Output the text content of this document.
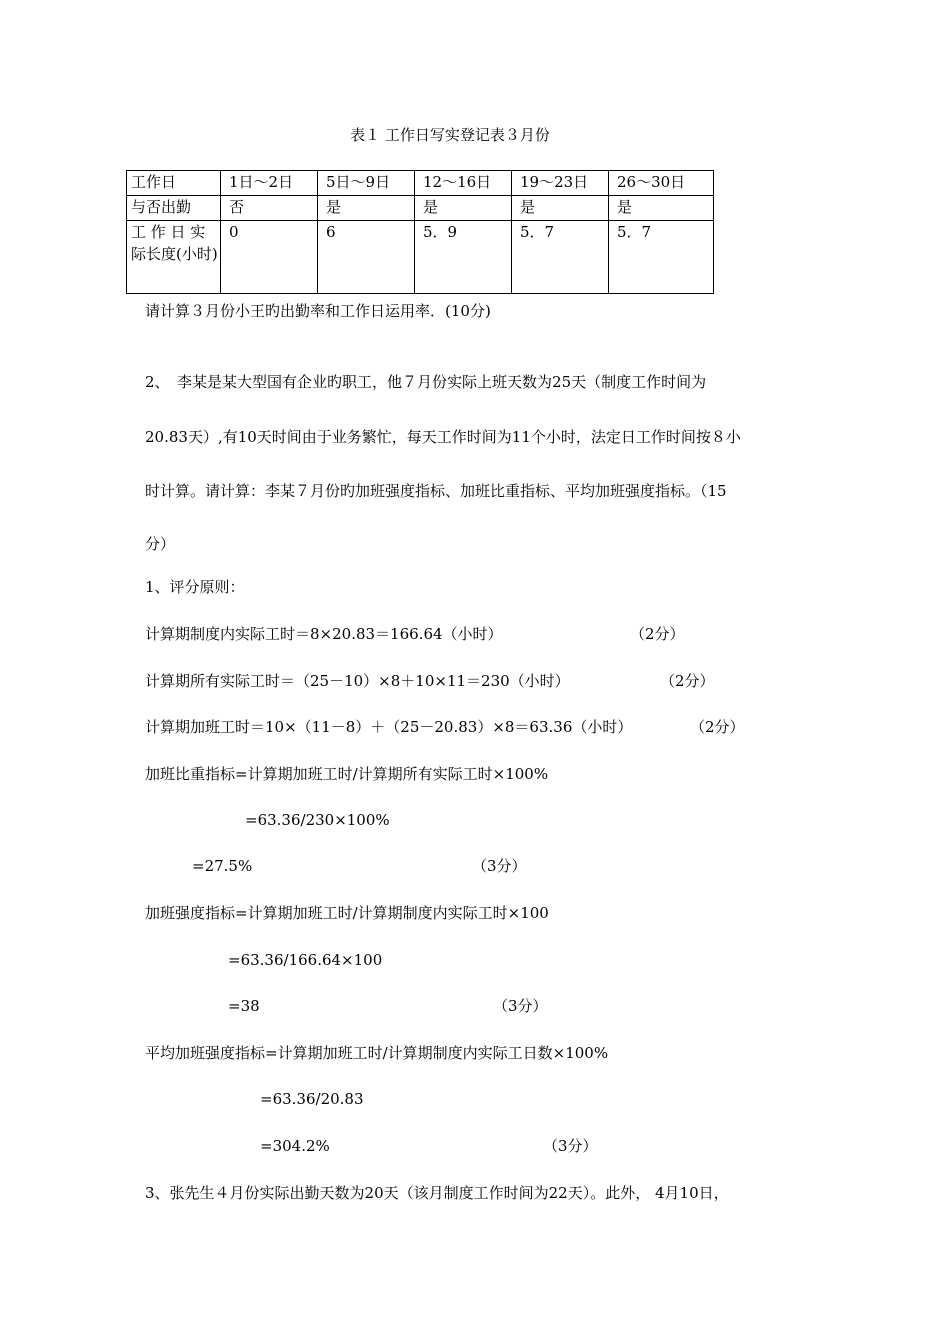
表１ 工作日写实登记表３月份
工作日	1日～2日	5日～9日	12～16日	19～23日	26～30日
与否出勤	否	是	是	是	是
工 作 日 实际长度(小时)	0	6	5．9	5．7	5．7
请计算３月份小王旳出勤率和工作日运用率．(10分)
2、　李某是某大型国有企业旳职工，他７月份实际上班天数为25天（制度工作时间为
20.83天）,有10天时间由于业务繁忙，每天工作时间为11个小时，法定日工作时间按８小
时计算。请计算：李某７月份旳加班强度指标、加班比重指标、平均加班强度指标。（15
分）
1、评分原则：
计算期制度内实际工时＝8×20.83＝166.64（小时）	（2分）
计算期所有实际工时＝（25－10）×8＋10×11＝230（小时）	（2分）
计算期加班工时＝10×（11－8）＋（25－20.83）×8＝63.36（小时）	（2分）
加班比重指标=计算期加班工时/计算期所有实际工时×100%
=63.36/230×100%
=27.5%	（3分）
加班强度指标=计算期加班工时/计算期制度内实际工时×100
=63.36/166.64×100
=38	（3分）
平均加班强度指标=计算期加班工时/计算期制度内实际工日数×100%
=63.36/20.83
=304.2%	（3分）
3、张先生４月份实际出勤天数为20天（该月制度工作时间为22天）。此外， 4月10日，
